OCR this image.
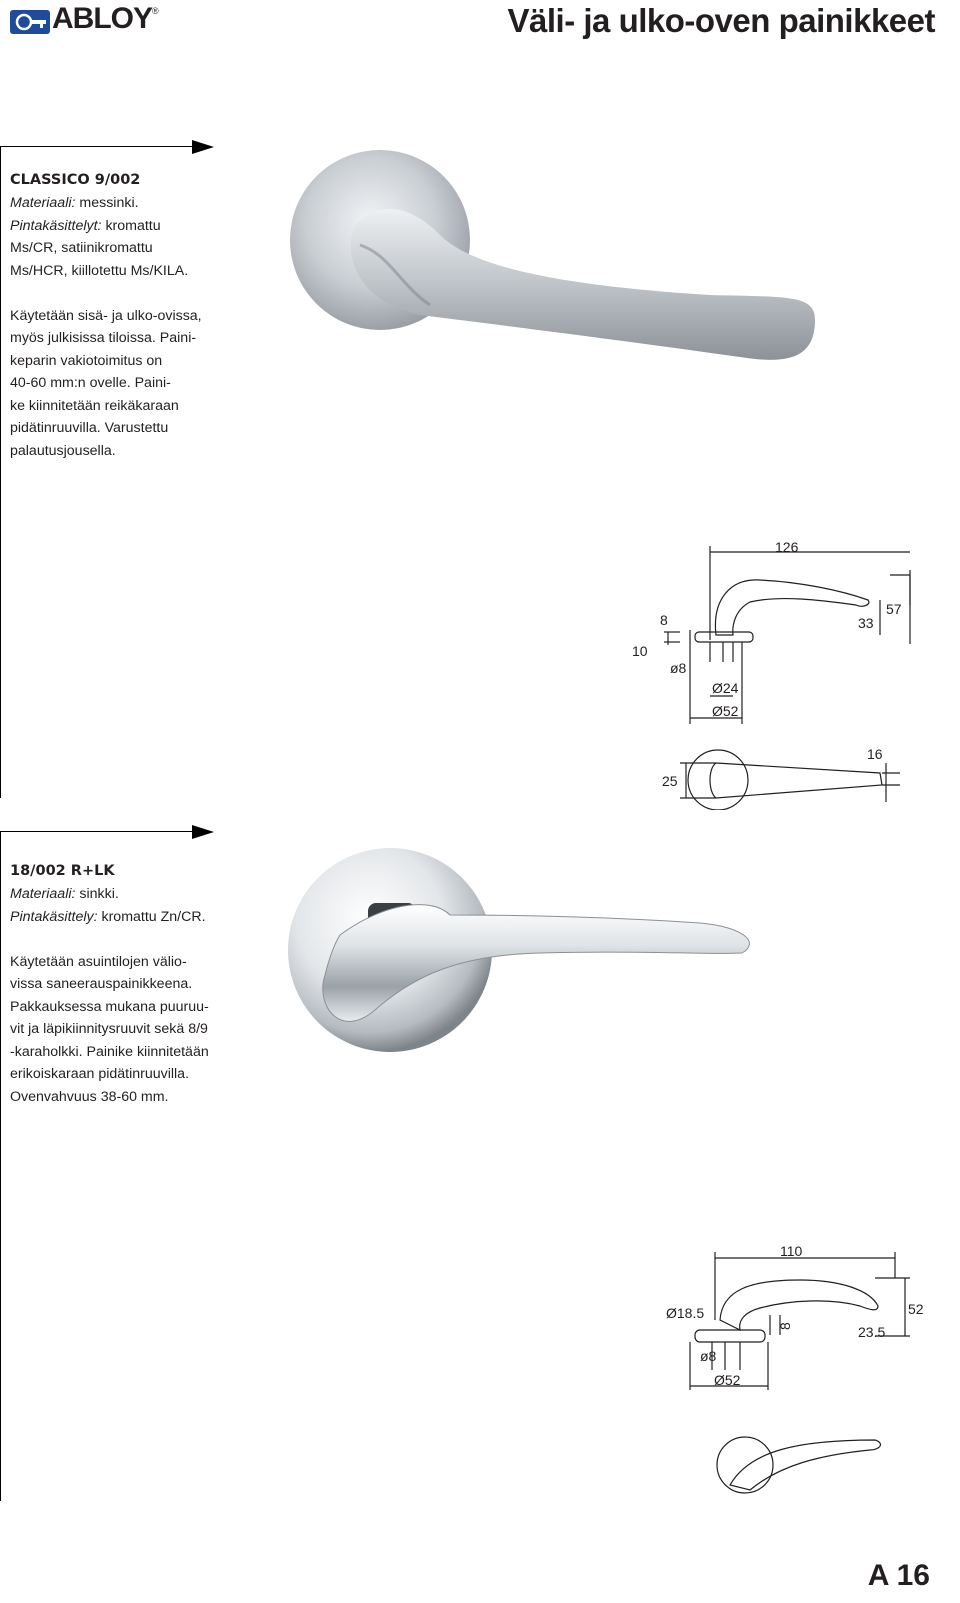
ABLOY ®	Väli- ja ulko-oven painikkeet
CLASSICO 9/002

Materiaali: messinki.

Pintakäsittelyt: kromattu

Ms/CR, satiinikromattu

Ms/HCR, kiillotettu Ms/KILA.

Käytetään sisä- ja ulko-ovissa,

myös julkisissa tiloissa. Paini-

keparin vakiotoimitus on

40-60 mm:n ovelle. Paini-

ke kiinnitetään reikäkaraan

pidätinruuvilla. Varustettu

palautusjousella.

126
57
33
8
10
ø8
Ø24
Ø52
16
25
18/002 R+LK

Materiaali: sinkki.

Pintakäsittely: kromattu Zn/CR.

Käytetään asuintilojen välio-

vissa saneerauspainikkeena.

Pakkauksessa mukana puuruu-

vit ja läpikiinnitysruuvit sekä 8/9

-karaholkki. Painike kiinnitetään

erikoiskaraan pidätinruuvilla.

Ovenvahvuus 38-60 mm.

110
52
23.5
Ø18.5
8
ø8
Ø52
A 16
